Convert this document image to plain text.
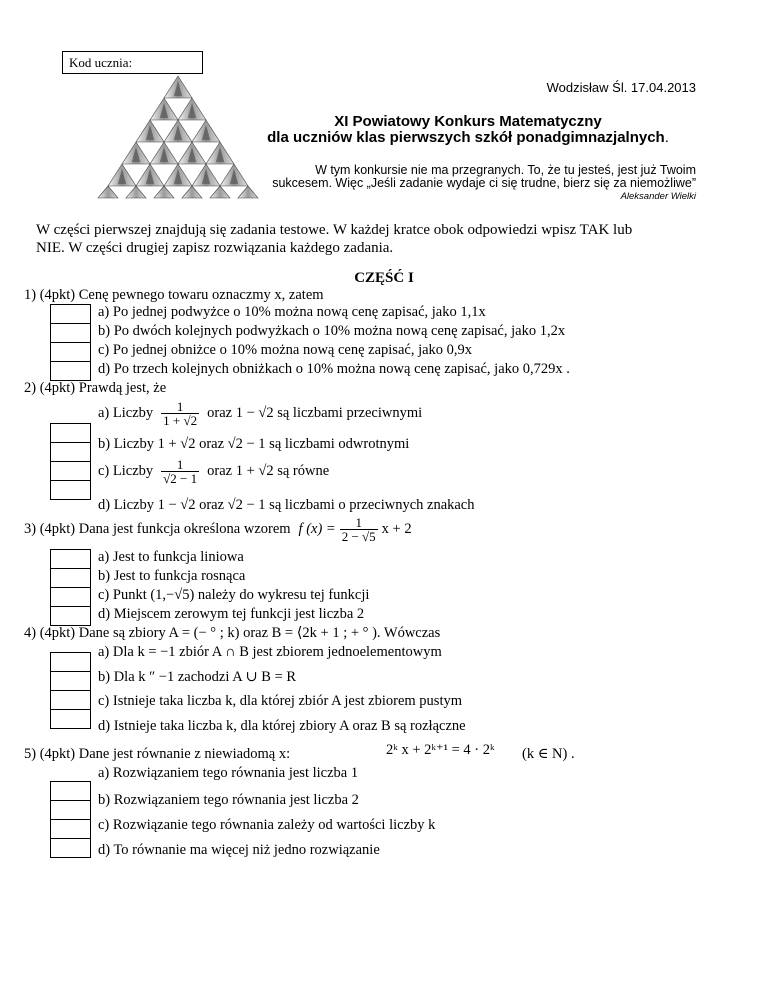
Kod ucznia:
Wodzisław Śl. 17.04.2013
XI Powiatowy Konkurs Matematyczny
dla uczniów klas pierwszych szkół ponadgimnazjalnych.
W tym konkursie nie ma przegranych. To, że tu jesteś, jest już Twoim
sukcesem. Więc „Jeśli zadanie wydaje ci się trudne, bierz się za niemożliwe”
Aleksander Wielki
W części pierwszej znajdują się zadania testowe. W każdej kratce obok odpowiedzi wpisz TAK lub
NIE. W części drugiej zapisz rozwiązania każdego zadania.
CZĘŚĆ I
1) (4pkt) Cenę pewnego towaru oznaczmy x, zatem
a) Po jednej podwyżce o 10% można nową cenę zapisać, jako 1,1x
b) Po dwóch kolejnych podwyżkach o 10% można nową cenę zapisać, jako 1,2x
c) Po jednej obniżce o 10% można nową cenę zapisać, jako 0,9x
d) Po trzech kolejnych obniżkach o 10% można nową cenę zapisać, jako 0,729x .
2) (4pkt) Prawdą jest, że
a) Liczby $\frac{1}{1 + √2}$ oraz 1 − √2 są liczbami przeciwnymi
b) Liczby 1 + √2 oraz √2 − 1 są liczbami odwrotnymi
c) Liczby $\frac{1}{√2 - 1}$ oraz 1 + √2 są równe
d) Liczby 1 − √2 oraz √2 − 1 są liczbami o przeciwnych znakach
3) (4pkt) Dana jest funkcja określona wzorem f $(x) = \frac{1}{2 - √5}$ x + 2
a) Jest to funkcja liniowa
b) Jest to funkcja rosnąca
c) Punkt (1,−√5) należy do wykresu tej funkcji
d) Miejscem zerowym tej funkcji jest liczba 2
4) (4pkt) Dane są zbiory A = (− ° ; k) oraz B = ⟨2k + 1 ; + ° ). Wówczas
a) Dla k = −1 zbiór A ∩ B jest zbiorem jednoelementowym
b) Dla k ″ −1 zachodzi A ∪ B = R
c) Istnieje taka liczba k, dla której zbiór A jest zbiorem pustym
d) Istnieje taka liczba k, dla której zbiory A oraz B są rozłączne
5) (4pkt) Dane jest równanie z niewiadomą x:	2ᵏ x + 2ᵏ⁺¹ = 4 · 2ᵏ (k ∈ N) .
a) Rozwiązaniem tego równania jest liczba 1
b) Rozwiązaniem tego równania jest liczba 2
c) Rozwiązanie tego równania zależy od wartości liczby k
d) To równanie ma więcej niż jedno rozwiązanie
